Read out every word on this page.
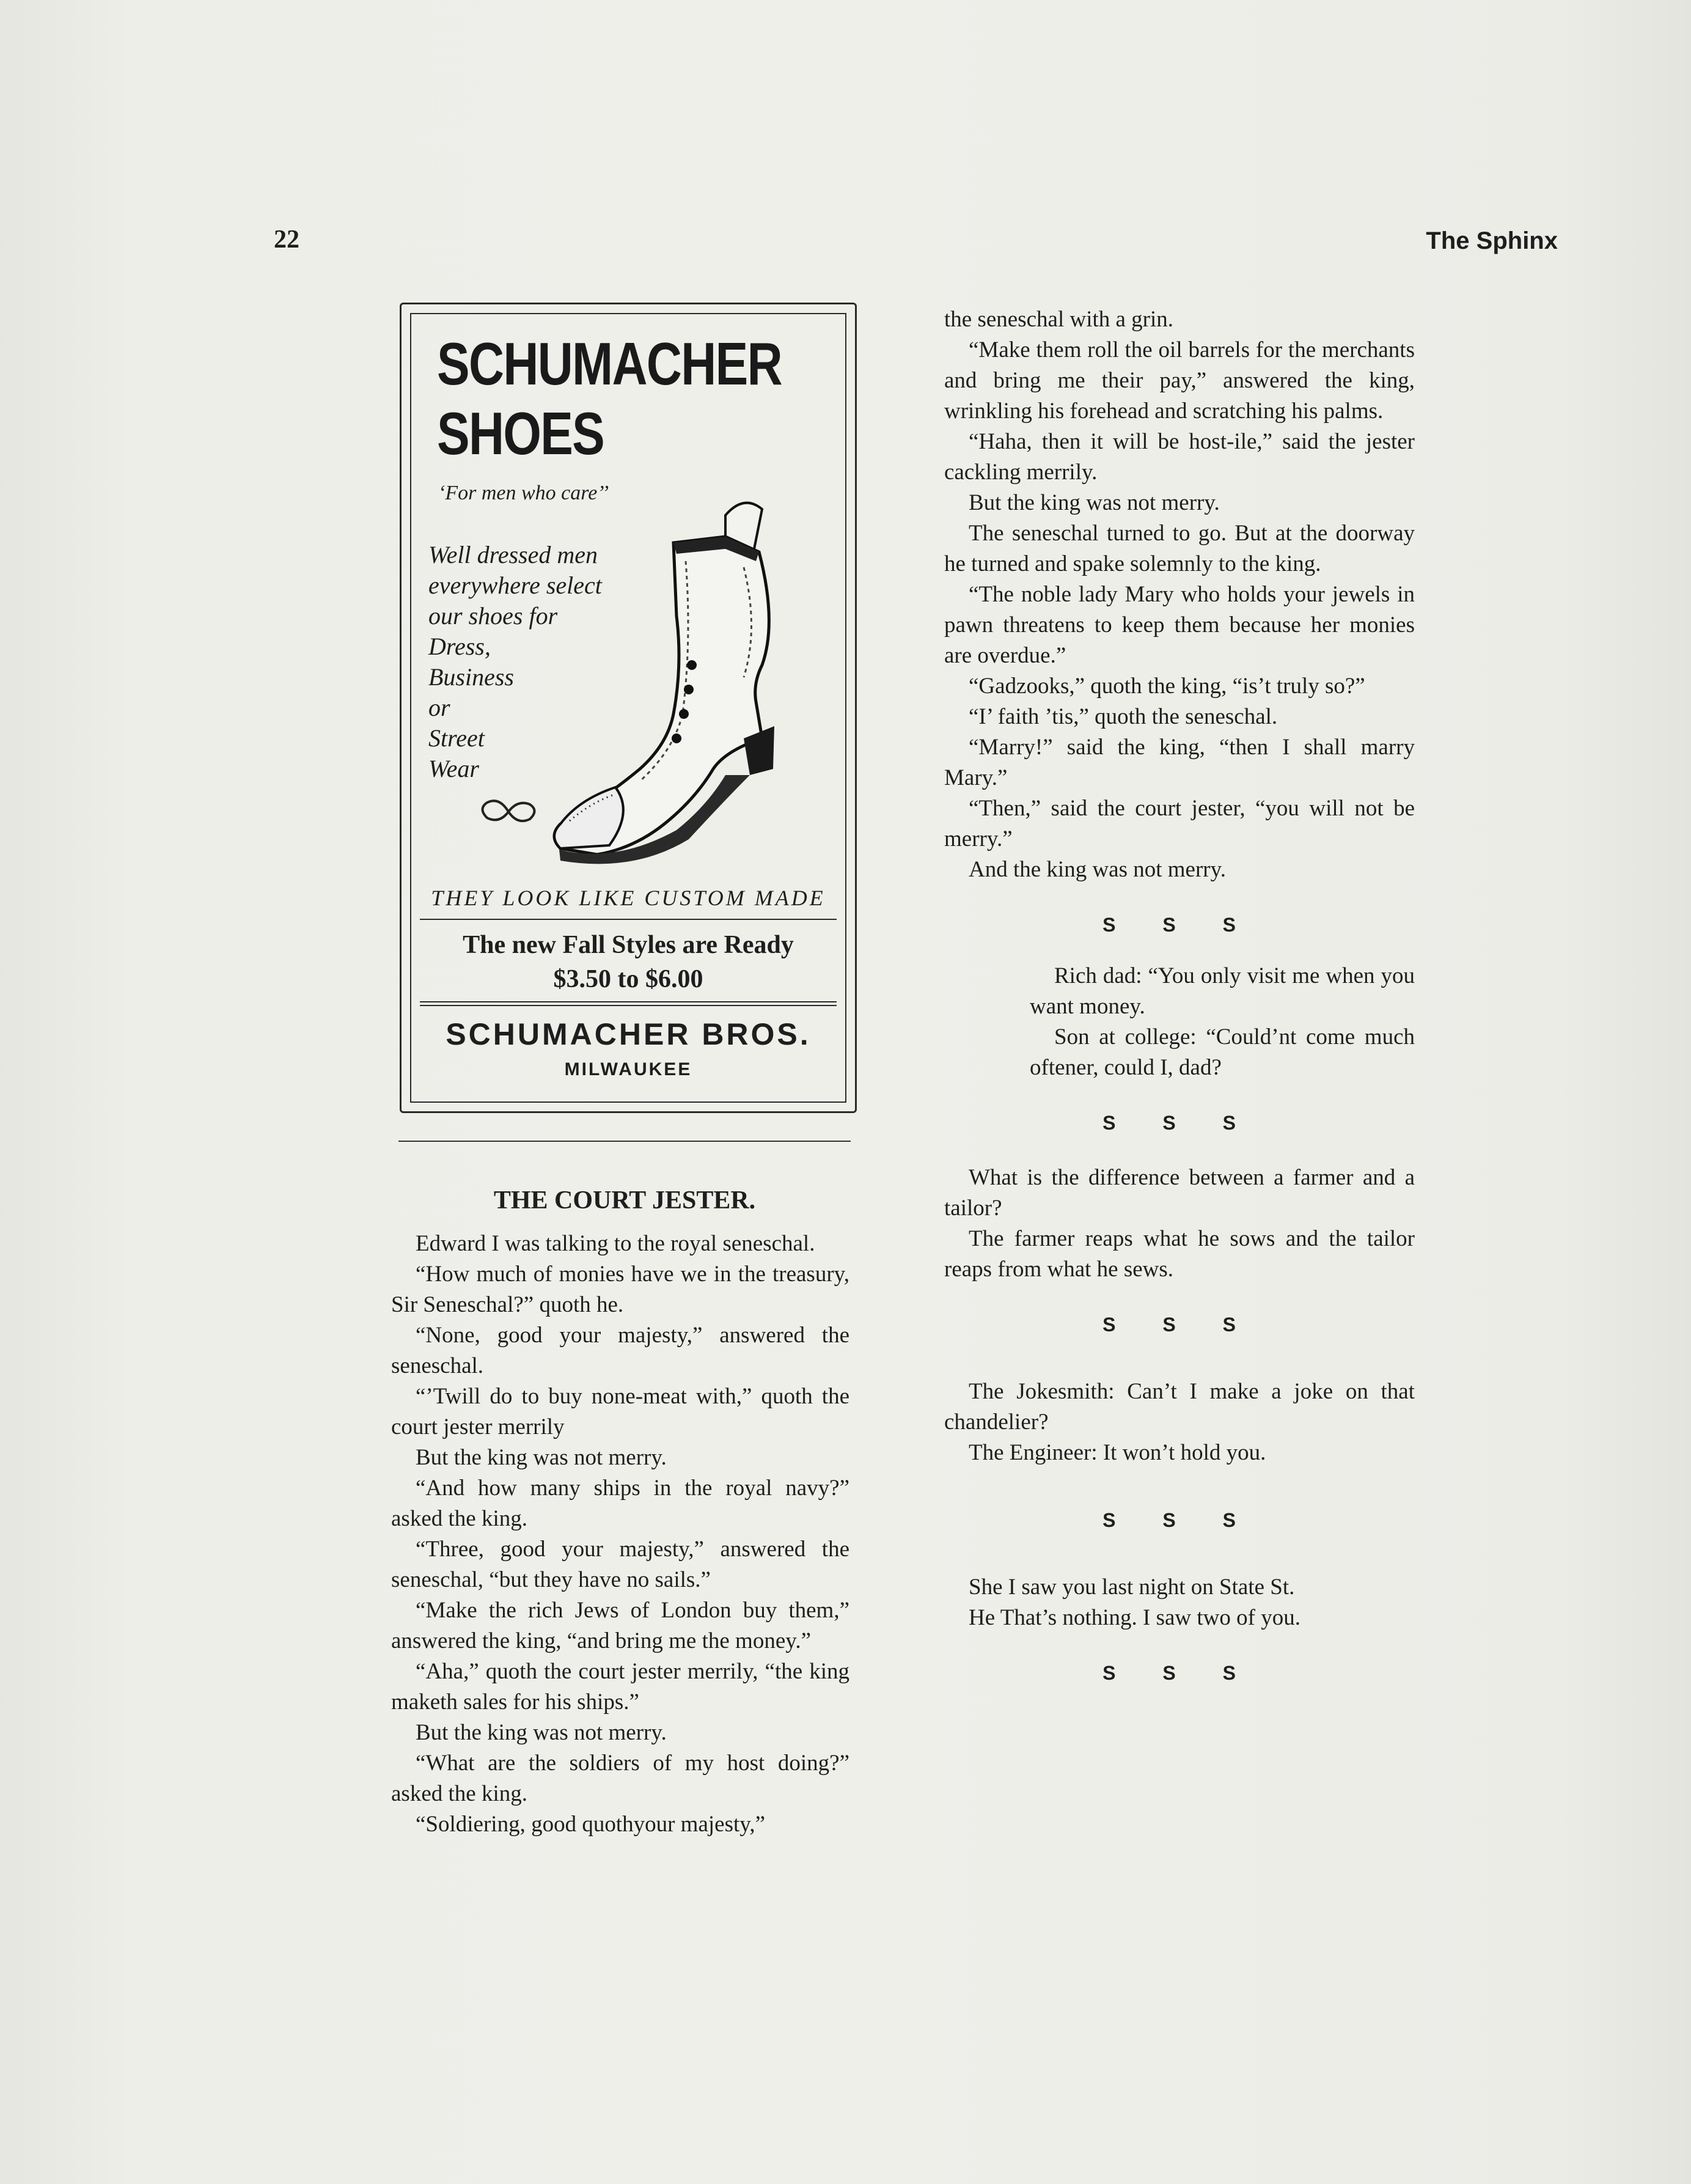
22	The Sphinx
SCHUMACHER
SHOES
‘For men who care’’
Well dressed men
everywhere select
our shoes for
Dress,
Business
or
Street
Wear
THEY LOOK LIKE CUSTOM MADE
The new Fall Styles are Ready
$3.50 to $6.00
SCHUMACHER BROS.
MILWAUKEE
THE COURT JESTER.

Edward I was talking to the royal seneschal.

“How much of monies have we in the treasury, Sir Seneschal?” quoth he.

“None, good your majesty,” answered the seneschal.

“’Twill do to buy none-meat with,” quoth the court jester merrily

But the king was not merry.

“And how many ships in the royal navy?” asked the king.

“Three, good your majesty,” answered the seneschal, “but they have no sails.”

“Make the rich Jews of London buy them,” answered the king, “and bring me the money.”

“Aha,” quoth the court jester merrily, “the king maketh sales for his ships.”

But the king was not merry.

“What are the soldiers of my host doing?” asked the king.

“Soldiering, good quothyour majesty,”

the seneschal with a grin.

“Make them roll the oil barrels for the merchants and bring me their pay,” answered the king, wrinkling his forehead and scratching his palms.

“Haha, then it will be host-ile,” said the jester cackling merrily.

But the king was not merry.

The seneschal turned to go. But at the doorway he turned and spake solemnly to the king.

“The noble lady Mary who holds your jewels in pawn threatens to keep them because her monies are overdue.”

“Gadzooks,” quoth the king, “is’t truly so?”

“I’ faith ’tis,” quoth the seneschal.

“Marry!” said the king, “then I shall marry Mary.”

“Then,” said the court jester, “you will not be merry.”

And the king was not merry.

S S S

Rich dad: “You only visit me when you want money.

Son at college: “Could’nt come much oftener, could I, dad?

S S S

What is the difference between a farmer and a tailor?

The farmer reaps what he sows and the tailor reaps from what he sews.

S S S

The Jokesmith: Can’t I make a joke on that chandelier?

The Engineer: It won’t hold you.

S S S

She I saw you last night on State St.

He That’s nothing. I saw two of you.

S S S
